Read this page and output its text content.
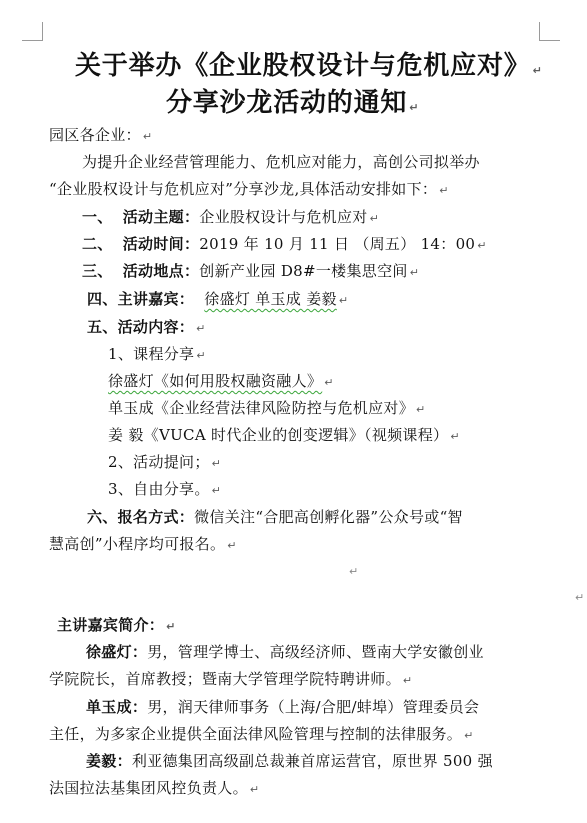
关于举办《企业股权设计与危机应对》 ↵
分享沙龙活动的通知 ↵
园区各企业： ↵
为提升企业经营管理能力、危机应对能力，高创公司拟举办
“企业股权设计与危机应对”分享沙龙,具体活动安排如下： ↵
一、 活动主题：企业股权设计与危机应对 ↵
二、 活动时间：2019 年 10 月 11 日 （周五） 14：00 ↵
三、 活动地点：创新产业园 D8#一楼集思空间 ↵
四、主讲嘉宾： 徐盛灯 单玉成 姜毅 ↵
五、活动内容： ↵
1、课程分享 ↵
徐盛灯《如何用股权融资融人》 ↵
单玉成《企业经营法律风险防控与危机应对》 ↵
姜 毅《VUCA 时代企业的创变逻辑》（视频课程） ↵
2、活动提问； ↵
3、自由分享。 ↵
六、报名方式：微信关注“合肥高创孵化器”公众号或“智
慧高创”小程序均可报名。 ↵
↵
↵
主讲嘉宾简介： ↵
徐盛灯：男，管理学博士、高级经济师、暨南大学安徽创业
学院院长，首席教授；暨南大学管理学院特聘讲师。 ↵
单玉成：男，润天律师事务（上海/合肥/蚌埠）管理委员会
主任，为多家企业提供全面法律风险管理与控制的法律服务。 ↵
姜毅：利亚德集团高级副总裁兼首席运营官，原世界 500 强
法国拉法基集团风控负责人。 ↵
